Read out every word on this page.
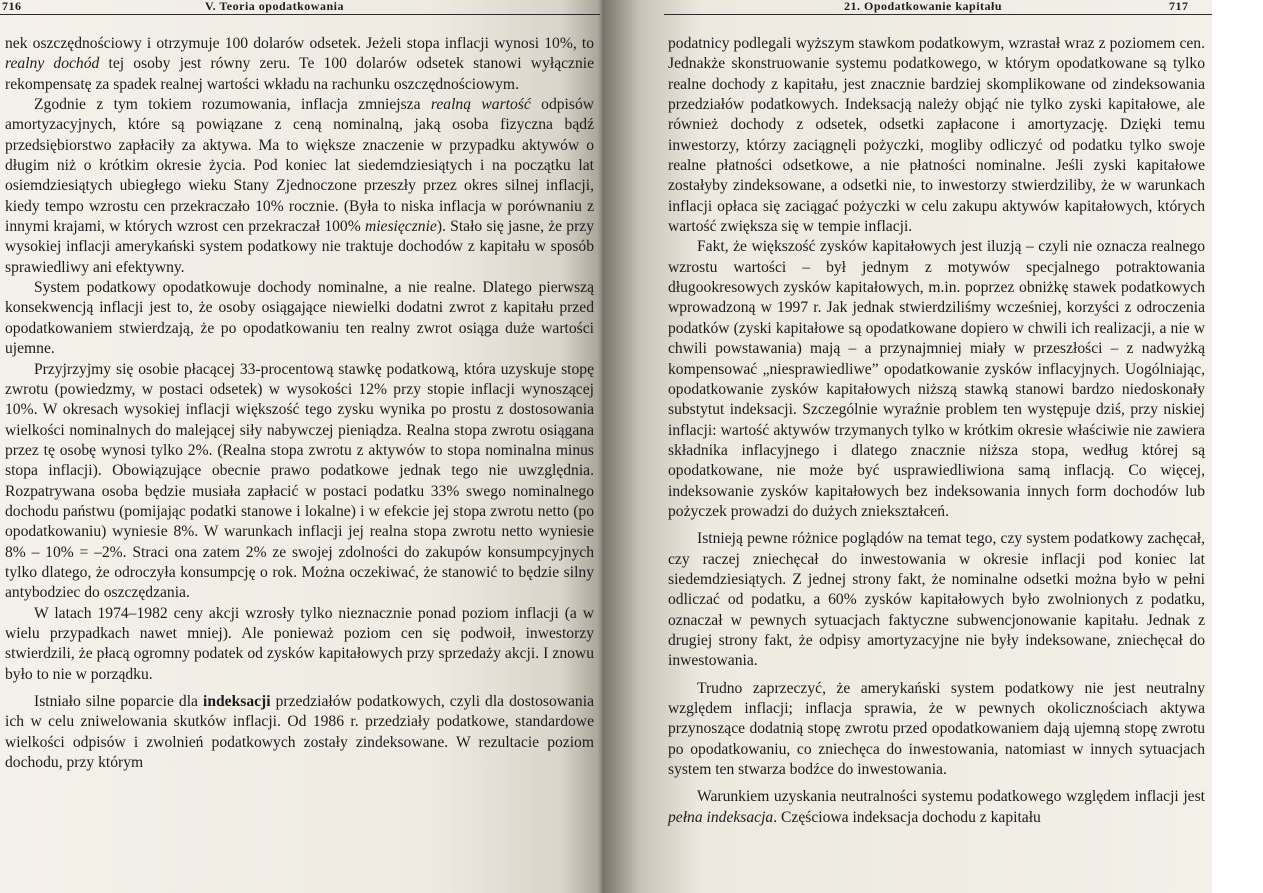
716	V. Teoria opodatkowania

nek oszczędnościowy i otrzymuje 100 dolarów odsetek. Jeżeli stopa inflacji wynosi 10%, to realny dochód tej osoby jest równy zeru. Te 100 dolarów odsetek stanowi wyłącznie rekompensatę za spadek realnej wartości wkładu na rachunku oszczędnościowym.

Zgodnie z tym tokiem rozumowania, inflacja zmniejsza realną wartość odpisów amortyzacyjnych, które są powiązane z ceną nominalną, jaką osoba fizyczna bądź przedsiębiorstwo zapłaciły za aktywa. Ma to większe znaczenie w przypadku aktywów o długim niż o krótkim okresie życia. Pod koniec lat siedemdziesiątych i na początku lat osiemdziesiątych ubiegłego wieku Stany Zjednoczone przeszły przez okres silnej inflacji, kiedy tempo wzrostu cen przekraczało 10% rocznie. (Była to niska inflacja w porównaniu z innymi krajami, w których wzrost cen przekraczał 100% miesięcznie). Stało się jasne, że przy wysokiej inflacji amerykański system podatkowy nie traktuje dochodów z kapitału w sposób sprawiedliwy ani efektywny.

System podatkowy opodatkowuje dochody nominalne, a nie realne. Dlatego pierwszą konsekwencją inflacji jest to, że osoby osiągające niewielki dodatni zwrot z kapitału przed opodatkowaniem stwierdzają, że po opodatkowaniu ten realny zwrot osiąga duże wartości ujemne.

Przyjrzyjmy się osobie płacącej 33-procentową stawkę podatkową, która uzyskuje stopę zwrotu (powiedzmy, w postaci odsetek) w wysokości 12% przy stopie inflacji wynoszącej 10%. W okresach wysokiej inflacji większość tego zysku wynika po prostu z dostosowania wielkości nominalnych do malejącej siły nabywczej pieniądza. Realna stopa zwrotu osiągana przez tę osobę wynosi tylko 2%. (Realna stopa zwrotu z aktywów to stopa nominalna minus stopa inflacji). Obowiązujące obecnie prawo podatkowe jednak tego nie uwzględnia. Rozpatrywana osoba będzie musiała zapłacić w postaci podatku 33% swego nominalnego dochodu państwu (pomijając podatki stanowe i lokalne) i w efekcie jej stopa zwrotu netto (po opodatkowaniu) wyniesie 8%. W warunkach inflacji jej realna stopa zwrotu netto wyniesie 8% – 10% = –2%. Straci ona zatem 2% ze swojej zdolności do zakupów konsumpcyjnych tylko dlatego, że odroczyła konsumpcję o rok. Można oczekiwać, że stanowić to będzie silny antybodziec do oszczędzania.

W latach 1974–1982 ceny akcji wzrosły tylko nieznacznie ponad poziom inflacji (a w wielu przypadkach nawet mniej). Ale ponieważ poziom cen się podwoił, inwestorzy stwierdzili, że płacą ogromny podatek od zysków kapitałowych przy sprzedaży akcji. I znowu było to nie w porządku.

Istniało silne poparcie dla indeksacji przedziałów podatkowych, czyli dla dostosowania ich w celu zniwelowania skutków inflacji. Od 1986 r. przedziały podatkowe, standardowe wielkości odpisów i zwolnień podatkowych zostały zindeksowane. W rezultacie poziom dochodu, przy którym

21. Opodatkowanie kapitału	717

podatnicy podlegali wyższym stawkom podatkowym, wzrastał wraz z poziomem cen. Jednakże skonstruowanie systemu podatkowego, w którym opodatkowane są tylko realne dochody z kapitału, jest znacznie bardziej skomplikowane od zindeksowania przedziałów podatkowych. Indeksacją należy objąć nie tylko zyski kapitałowe, ale również dochody z odsetek, odsetki zapłacone i amortyzację. Dzięki temu inwestorzy, którzy zaciągnęli pożyczki, mogliby odliczyć od podatku tylko swoje realne płatności odsetkowe, a nie płatności nominalne. Jeśli zyski kapitałowe zostałyby zindeksowane, a odsetki nie, to inwestorzy stwierdziliby, że w warunkach inflacji opłaca się zaciągać pożyczki w celu zakupu aktywów kapitałowych, których wartość zwiększa się w tempie inflacji.

Fakt, że większość zysków kapitałowych jest iluzją – czyli nie oznacza realnego wzrostu wartości – był jednym z motywów specjalnego potraktowania długookresowych zysków kapitałowych, m.in. poprzez obniżkę stawek podatkowych wprowadzoną w 1997 r. Jak jednak stwierdziliśmy wcześniej, korzyści z odroczenia podatków (zyski kapitałowe są opodatkowane dopiero w chwili ich realizacji, a nie w chwili powstawania) mają – a przynajmniej miały w przeszłości – z nadwyżką kompensować „niesprawiedliwe” opodatkowanie zysków inflacyjnych. Uogólniając, opodatkowanie zysków kapitałowych niższą stawką stanowi bardzo niedoskonały substytut indeksacji. Szczególnie wyraźnie problem ten występuje dziś, przy niskiej inflacji: wartość aktywów trzymanych tylko w krótkim okresie właściwie nie zawiera składnika inflacyjnego i dlatego znacznie niższa stopa, według której są opodatkowane, nie może być usprawiedliwiona samą inflacją. Co więcej, indeksowanie zysków kapitałowych bez indeksowania innych form dochodów lub pożyczek prowadzi do dużych zniekształceń.

Istnieją pewne różnice poglądów na temat tego, czy system podatkowy zachęcał, czy raczej zniechęcał do inwestowania w okresie inflacji pod koniec lat siedemdziesiątych. Z jednej strony fakt, że nominalne odsetki można było w pełni odliczać od podatku, a 60% zysków kapitałowych było zwolnionych z podatku, oznaczał w pewnych sytuacjach faktyczne subwencjonowanie kapitału. Jednak z drugiej strony fakt, że odpisy amortyzacyjne nie były indeksowane, zniechęcał do inwestowania.

Trudno zaprzeczyć, że amerykański system podatkowy nie jest neutralny względem inflacji; inflacja sprawia, że w pewnych okolicznościach aktywa przynoszące dodatnią stopę zwrotu przed opodatkowaniem dają ujemną stopę zwrotu po opodatkowaniu, co zniechęca do inwestowania, natomiast w innych sytuacjach system ten stwarza bodźce do inwestowania.

Warunkiem uzyskania neutralności systemu podatkowego względem inflacji jest pełna indeksacja. Częściowa indeksacja dochodu z kapitału
